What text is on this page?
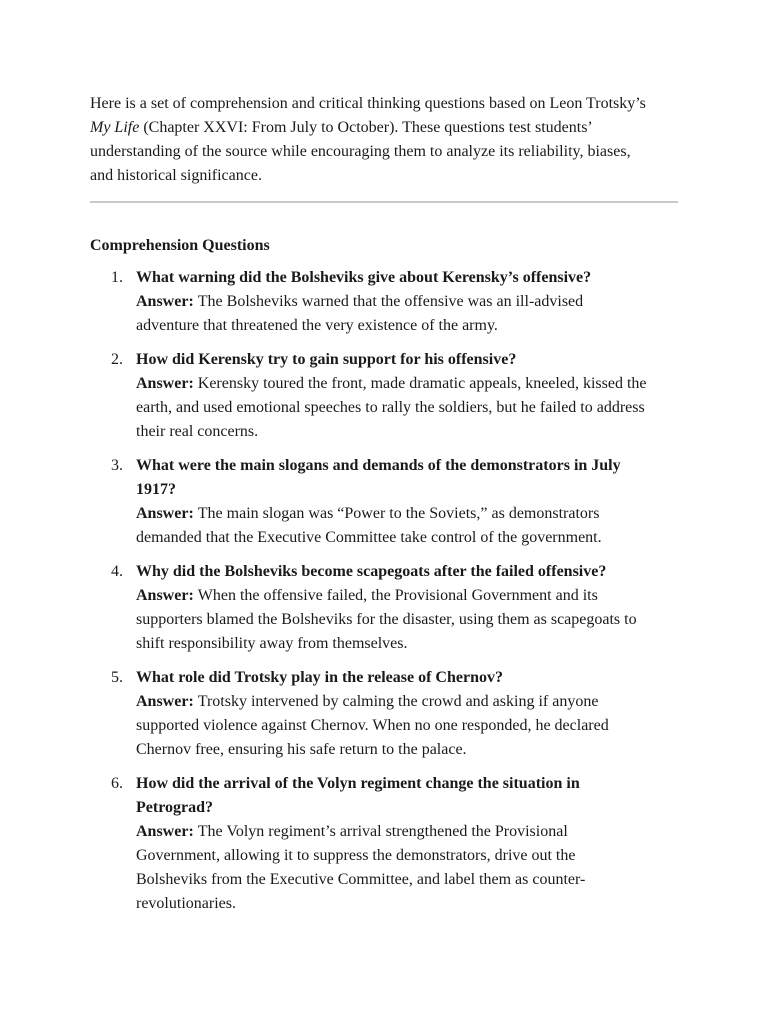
Here is a set of comprehension and critical thinking questions based on Leon Trotsky’s My Life (Chapter XXVI: From July to October). These questions test students’ understanding of the source while encouraging them to analyze its reliability, biases, and historical significance.

Comprehension Questions
1. What warning did the Bolsheviks give about Kerensky’s offensive?
Answer: The Bolsheviks warned that the offensive was an ill-advised adventure that threatened the very existence of the army.
2. How did Kerensky try to gain support for his offensive?
Answer: Kerensky toured the front, made dramatic appeals, kneeled, kissed the earth, and used emotional speeches to rally the soldiers, but he failed to address their real concerns.
3. What were the main slogans and demands of the demonstrators in July 1917?
Answer: The main slogan was “Power to the Soviets,” as demonstrators demanded that the Executive Committee take control of the government.
4. Why did the Bolsheviks become scapegoats after the failed offensive?
Answer: When the offensive failed, the Provisional Government and its supporters blamed the Bolsheviks for the disaster, using them as scapegoats to shift responsibility away from themselves.
5. What role did Trotsky play in the release of Chernov?
Answer: Trotsky intervened by calming the crowd and asking if anyone supported violence against Chernov. When no one responded, he declared Chernov free, ensuring his safe return to the palace.
6. How did the arrival of the Volyn regiment change the situation in Petrograd?
Answer: The Volyn regiment’s arrival strengthened the Provisional Government, allowing it to suppress the demonstrators, drive out the Bolsheviks from the Executive Committee, and label them as counter-revolutionaries.
